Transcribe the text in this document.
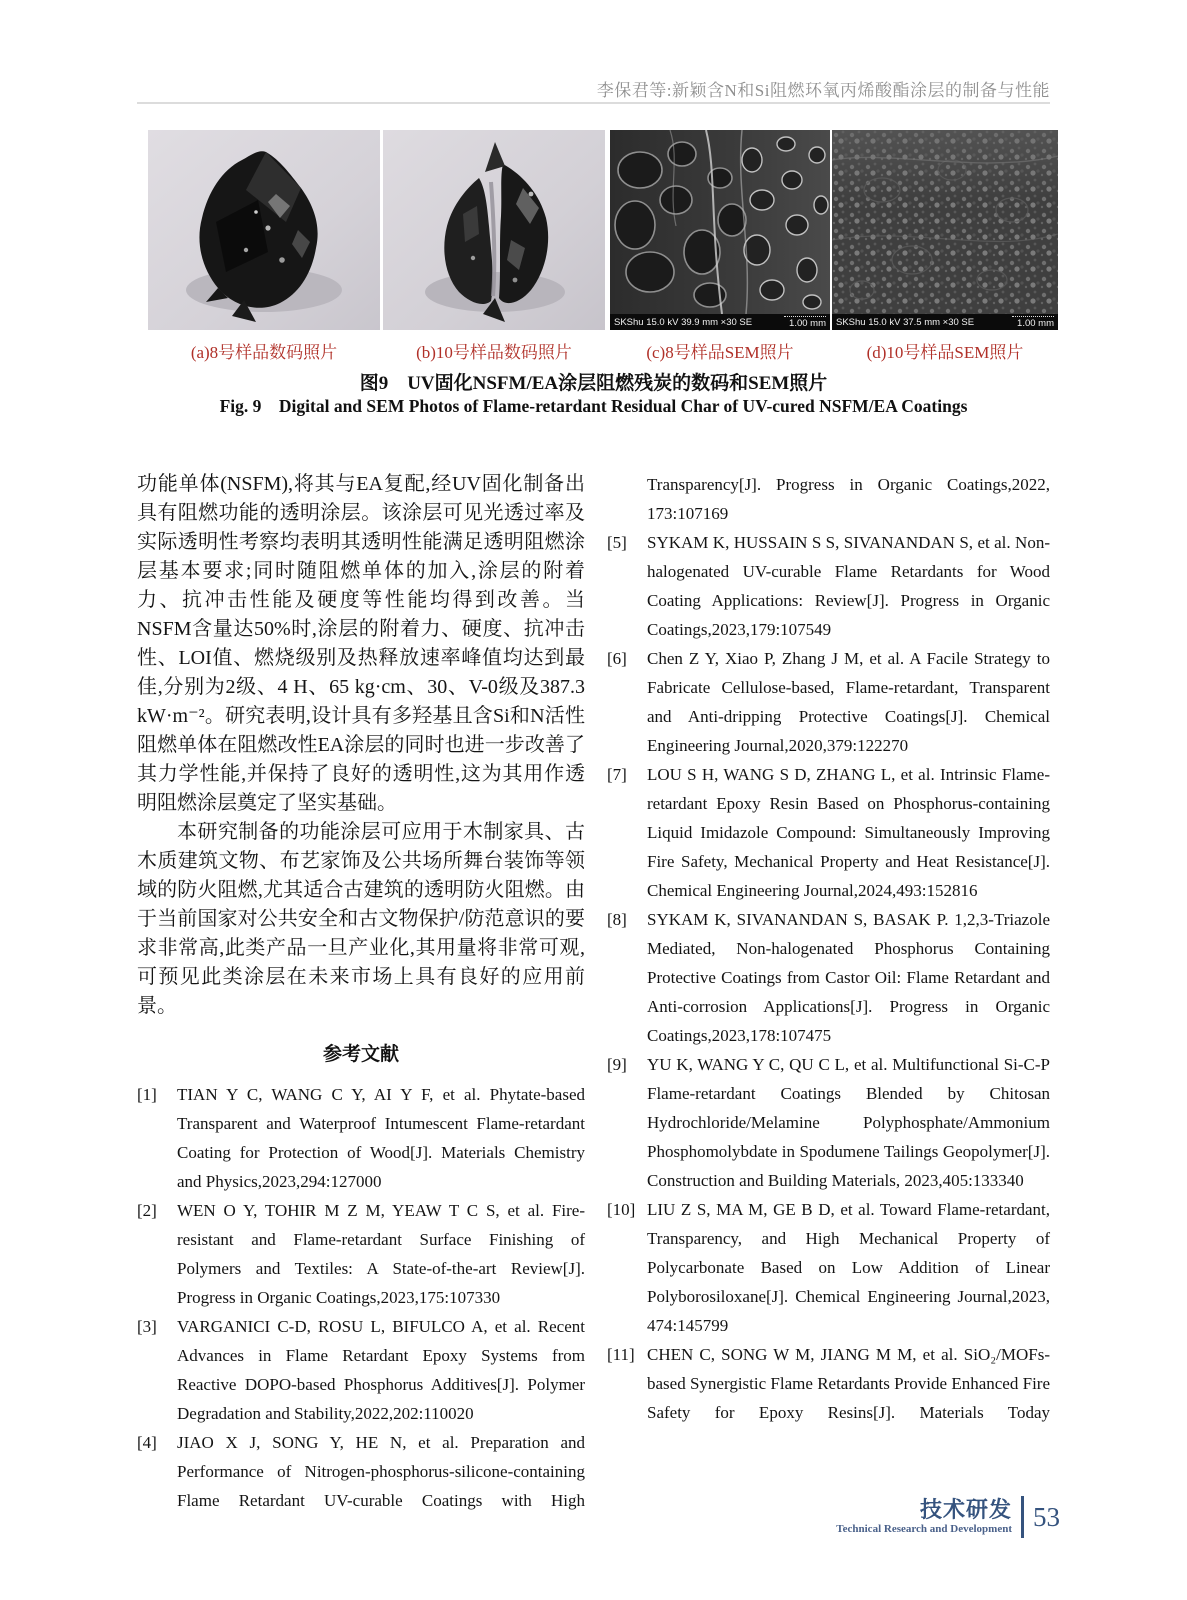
李保君等:新颖含N和Si阻燃环氧丙烯酸酯涂层的制备与性能
SKShu 15.0 kV 39.9 mm ×30 SE	1.00 mm SKShu 15.0 kV 37.5 mm ×30 SE	1.00 mm
(a)8号样品数码照片	(b)10号样品数码照片	(c)8号样品SEM照片	(d)10号样品SEM照片
图9　UV固化NSFM/EA涂层阻燃残炭的数码和SEM照片
Fig. 9  Digital and SEM Photos of Flame-retardant Residual Char of UV-cured NSFM/EA Coatings

功能单体(NSFM),将其与EA复配,经UV固化制备出具有阻燃功能的透明涂层。该涂层可见光透过率及实际透明性考察均表明其透明性能满足透明阻燃涂层基本要求;同时随阻燃单体的加入,涂层的附着力、抗冲击性能及硬度等性能均得到改善。当NSFM含量达50%时,涂层的附着力、硬度、抗冲击性、LOI值、燃烧级别及热释放速率峰值均达到最佳,分别为2级、4 H、65 kg·cm、30、V-0级及387.3 kW·m⁻²。研究表明,设计具有多羟基且含Si和N活性阻燃单体在阻燃改性EA涂层的同时也进一步改善了其力学性能,并保持了良好的透明性,这为其用作透明阻燃涂层奠定了坚实基础。

本研究制备的功能涂层可应用于木制家具、古木质建筑文物、布艺家饰及公共场所舞台装饰等领域的防火阻燃,尤其适合古建筑的透明防火阻燃。由于当前国家对公共安全和古文物保护/防范意识的要求非常高,此类产品一旦产业化,其用量将非常可观,可预见此类涂层在未来市场上具有良好的应用前景。

参考文献
[1] TIAN Y C, WANG C Y, AI Y F, et al. Phytate-based Transparent and Waterproof Intumescent Flame-retardant Coating for Protection of Wood[J]. Materials Chemistry and Physics,2023,294:127000
[2] WEN O Y, TOHIR M Z M, YEAW T C S, et al. Fire-resistant and Flame-retardant Surface Finishing of Polymers and Textiles: A State-of-the-art Review[J]. Progress in Organic Coatings,2023,175:107330
[3] VARGANICI C-D, ROSU L, BIFULCO A, et al. Recent Advances in Flame Retardant Epoxy Systems from Reactive DOPO-based Phosphorus Additives[J]. Polymer Degradation and Stability,2022,202:110020
[4] JIAO X J, SONG Y, HE N, et al. Preparation and Performance of Nitrogen-phosphorus-silicone-containing Flame Retardant UV-curable Coatings with High
Transparency[J]. Progress in Organic Coatings,2022, 173:107169
[5] SYKAM K, HUSSAIN S S, SIVANANDAN S, et al. Non-halogenated UV-curable Flame Retardants for Wood Coating Applications: Review[J]. Progress in Organic Coatings,2023,179:107549
[6] Chen Z Y, Xiao P, Zhang J M, et al. A Facile Strategy to Fabricate Cellulose-based, Flame-retardant, Transparent and Anti-dripping Protective Coatings[J]. Chemical Engineering Journal,2020,379:122270
[7] LOU S H, WANG S D, ZHANG L, et al. Intrinsic Flame-retardant Epoxy Resin Based on Phosphorus-containing Liquid Imidazole Compound: Simultaneously Improving Fire Safety, Mechanical Property and Heat Resistance[J]. Chemical Engineering Journal,2024,493:152816
[8] SYKAM K, SIVANANDAN S, BASAK P. 1,2,3-Triazole Mediated, Non-halogenated Phosphorus Containing Protective Coatings from Castor Oil: Flame Retardant and Anti-corrosion Applications[J]. Progress in Organic Coatings,2023,178:107475
[9] YU K, WANG Y C, QU C L, et al. Multifunctional Si-C-P Flame-retardant Coatings Blended by Chitosan Hydrochloride/Melamine Polyphosphate/Ammonium Phosphomolybdate in Spodumene Tailings Geopolymer[J]. Construction and Building Materials, 2023,405:133340
[10] LIU Z S, MA M, GE B D, et al. Toward Flame-retardant, Transparency, and High Mechanical Property of Polycarbonate Based on Low Addition of Linear Polyborosiloxane[J]. Chemical Engineering Journal,2023, 474:145799
[11] CHEN C, SONG W M, JIANG M M, et al. SiO₂/MOFs-based Synergistic Flame Retardants Provide Enhanced Fire Safety for Epoxy Resins[J]. Materials Today
技术研发
Technical Research and Development 53
